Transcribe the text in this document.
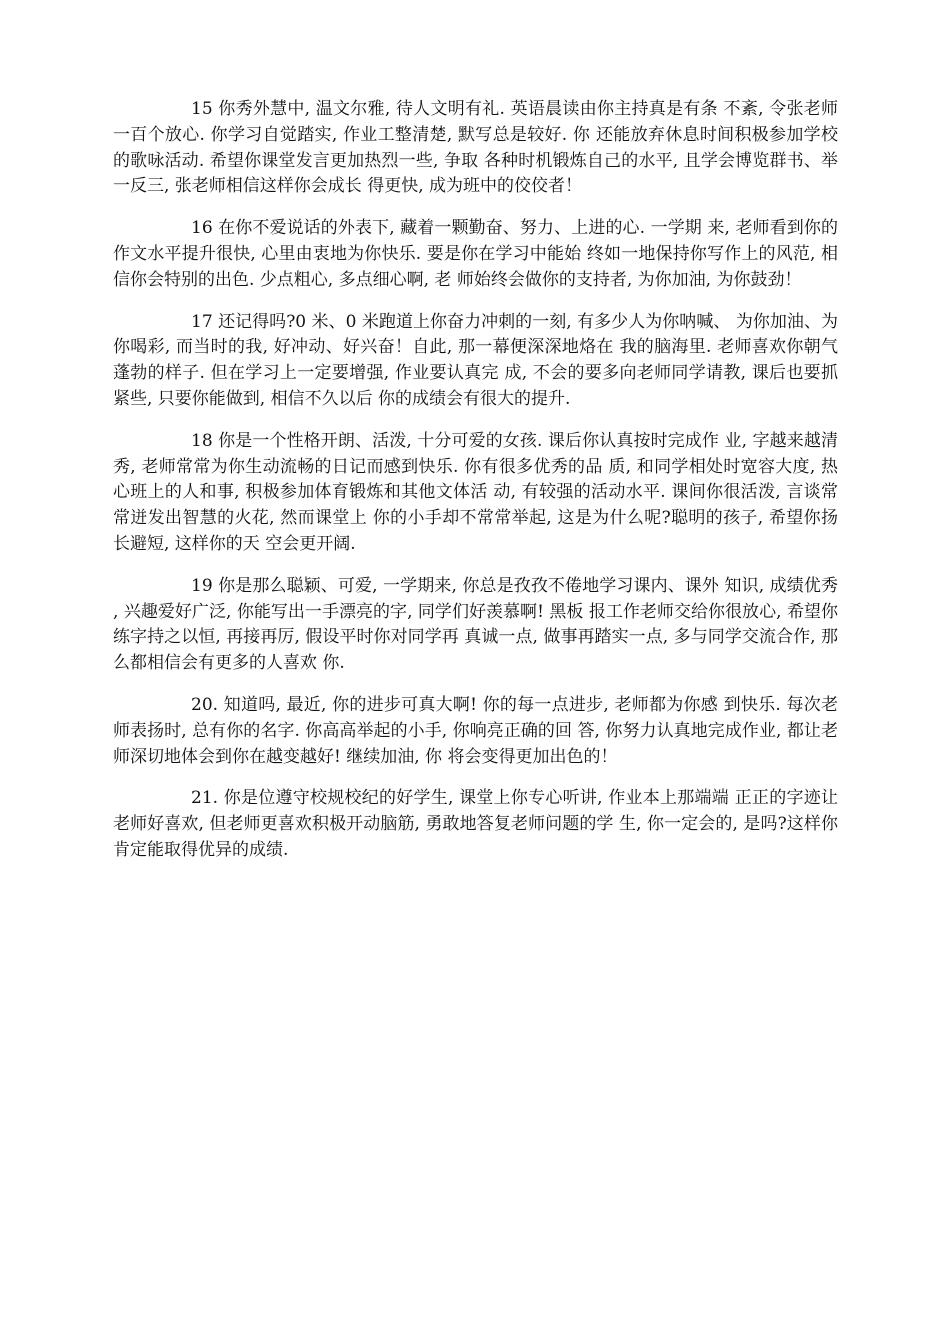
15 你秀外慧中, 温文尔雅, 待人文明有礼. 英语晨读由你主持真是有条 不紊, 令张老师一百个放心. 你学习自觉踏实, 作业工整清楚, 默写总是较好. 你 还能放弃休息时间积极参加学校的歌咏活动. 希望你课堂发言更加热烈一些, 争取 各种时机锻炼自己的水平, 且学会博览群书、举一反三, 张老师相信这样你会成长 得更快, 成为班中的佼佼者！

16 在你不爱说话的外表下, 藏着一颗勤奋、努力、上进的心. 一学期 来, 老师看到你的作文水平提升很快, 心里由衷地为你快乐. 要是你在学习中能始 终如一地保持你写作上的风范, 相信你会特别的出色. 少点粗心, 多点细心啊, 老 师始终会做你的支持者, 为你加油, 为你鼓劲！

17 还记得吗?0 米、0 米跑道上你奋力冲刺的一刻, 有多少人为你呐喊、 为你加油、为你喝彩, 而当时的我, 好冲动、好兴奋！自此, 那一幕便深深地烙在 我的脑海里. 老师喜欢你朝气蓬勃的样子. 但在学习上一定要增强, 作业要认真完 成, 不会的要多向老师同学请教, 课后也要抓紧些, 只要你能做到, 相信不久以后 你的成绩会有很大的提升.

18 你是一个性格开朗、活泼, 十分可爱的女孩. 课后你认真按时完成作 业, 字越来越清秀, 老师常常为你生动流畅的日记而感到快乐. 你有很多优秀的品 质, 和同学相处时宽容大度, 热心班上的人和事, 积极参加体育锻炼和其他文体活 动, 有较强的活动水平. 课间你很活泼, 言谈常常迸发出智慧的火花, 然而课堂上 你的小手却不常常举起, 这是为什么呢?聪明的孩子, 希望你扬长避短, 这样你的天 空会更开阔.

19 你是那么聪颖、可爱, 一学期来, 你总是孜孜不倦地学习课内、课外 知识, 成绩优秀, 兴趣爱好广泛, 你能写出一手漂亮的字, 同学们好羡慕啊! 黑板 报工作老师交给你很放心, 希望你练字持之以恒, 再接再厉, 假设平时你对同学再 真诚一点, 做事再踏实一点, 多与同学交流合作, 那么都相信会有更多的人喜欢 你.

20. 知道吗, 最近, 你的进步可真大啊! 你的每一点进步, 老师都为你感 到快乐. 每次老师表扬时, 总有你的名字. 你高高举起的小手, 你响亮正确的回 答, 你努力认真地完成作业, 都让老师深切地体会到你在越变越好! 继续加油, 你 将会变得更加出色的！

21. 你是位遵守校规校纪的好学生, 课堂上你专心听讲, 作业本上那端端 正正的字迹让老师好喜欢, 但老师更喜欢积极开动脑筋, 勇敢地答复老师问题的学 生, 你一定会的, 是吗?这样你肯定能取得优异的成绩.
